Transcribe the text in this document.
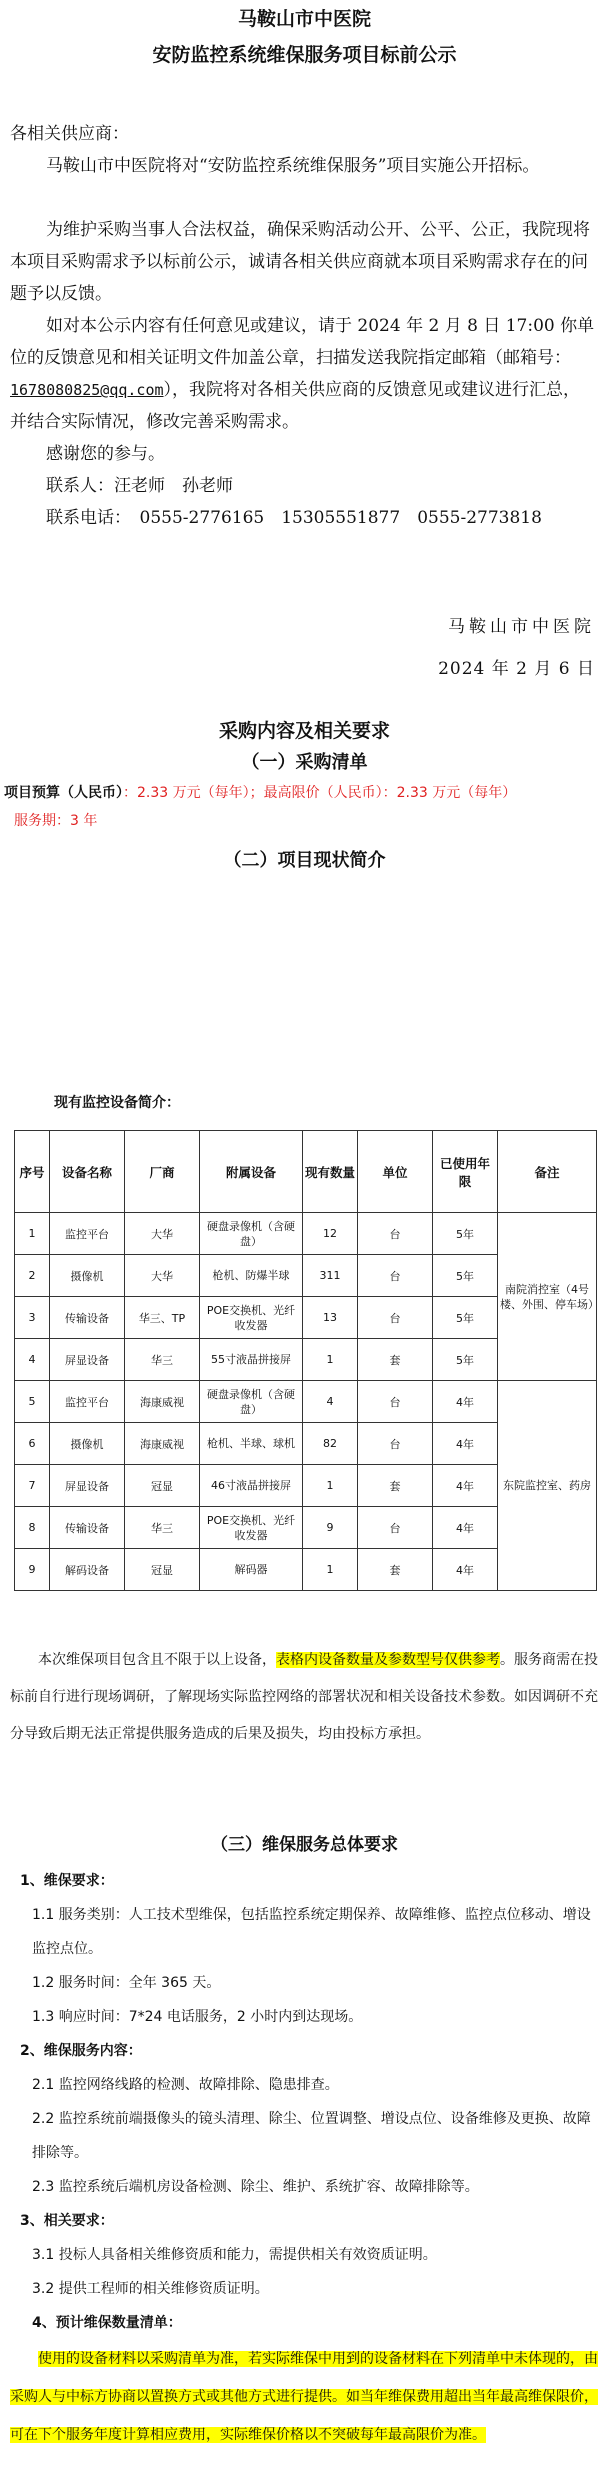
马鞍山市中医院
安防监控系统维保服务项目标前公示
各相关供应商：
马鞍山市中医院将对“安防监控系统维保服务”项目实施公开招标。
为维护采购当事人合法权益，确保采购活动公开、公平、公正，我院现将本项目采购需求予以标前公示，诚请各相关供应商就本项目采购需求存在的问题予以反馈。
如对本公示内容有任何意见或建议，请于 2024 年 2 月 8 日 17:00 你单位的反馈意见和相关证明文件加盖公章，扫描发送我院指定邮箱（邮箱号：1678080825@qq.com），我院将对各相关供应商的反馈意见或建议进行汇总，并结合实际情况，修改完善采购需求。
感谢您的参与。
联系人：汪老师　孙老师
联系电话：　0555-2776165　15305551877　0555-2773818
马鞍山市中医院
2024 年 2 月 6 日
采购内容及相关要求
（一）采购清单
项目预算（人民币）：2.33 万元（每年）；最高限价（人民币）：2.33 万元（每年）
服务期：3 年
（二）项目现状简介
现有监控设备简介：
序号	设备名称	厂商	附属设备	现有数量	单位	已使用年限	备注
1	监控平台	大华	硬盘录像机（含硬盘）	12	台	5年	南院消控室（4号楼、外围、停车场）
2	摄像机	大华	枪机、防爆半球	311	台	5年	
3	传输设备	华三、TP	POE交换机、光纤收发器	13	台	5年	
4	屏显设备	华三	55寸液晶拼接屏	1	套	5年	
5	监控平台	海康威视	硬盘录像机（含硬盘）	4	台	4年	东院监控室、药房
6	摄像机	海康威视	枪机、半球、球机	82	台	4年	
7	屏显设备	冠显	46寸液晶拼接屏	1	套	4年	
8	传输设备	华三	POE交换机、光纤收发器	9	台	4年	
9	解码设备	冠显	解码器	1	套	4年	
本次维保项目包含且不限于以上设备，表格内设备数量及参数型号仅供参考。服务商需在投标前自行进行现场调研，了解现场实际监控网络的部署状况和相关设备技术参数。如因调研不充分导致后期无法正常提供服务造成的后果及损失，均由投标方承担。
（三）维保服务总体要求
1、维保要求：
1.1 服务类别：人工技术型维保，包括监控系统定期保养、故障维修、监控点位移动、增设监控点位。
1.2 服务时间：全年 365 天。
1.3 响应时间：7*24 电话服务，2 小时内到达现场。
2、维保服务内容：
2.1 监控网络线路的检测、故障排除、隐患排查。
2.2 监控系统前端摄像头的镜头清理、除尘、位置调整、增设点位、设备维修及更换、故障排除等。
2.3 监控系统后端机房设备检测、除尘、维护、系统扩容、故障排除等。
3、相关要求：
3.1 投标人具备相关维修资质和能力，需提供相关有效资质证明。
3.2 提供工程师的相关维修资质证明。
4、预计维保数量清单：
使用的设备材料以采购清单为准，若实际维保中用到的设备材料在下列清单中未体现的，由采购人与中标方协商以置换方式或其他方式进行提供。如当年维保费用超出当年最高维保限价，可在下个服务年度计算相应费用，实际维保价格以不突破每年最高限价为准。
